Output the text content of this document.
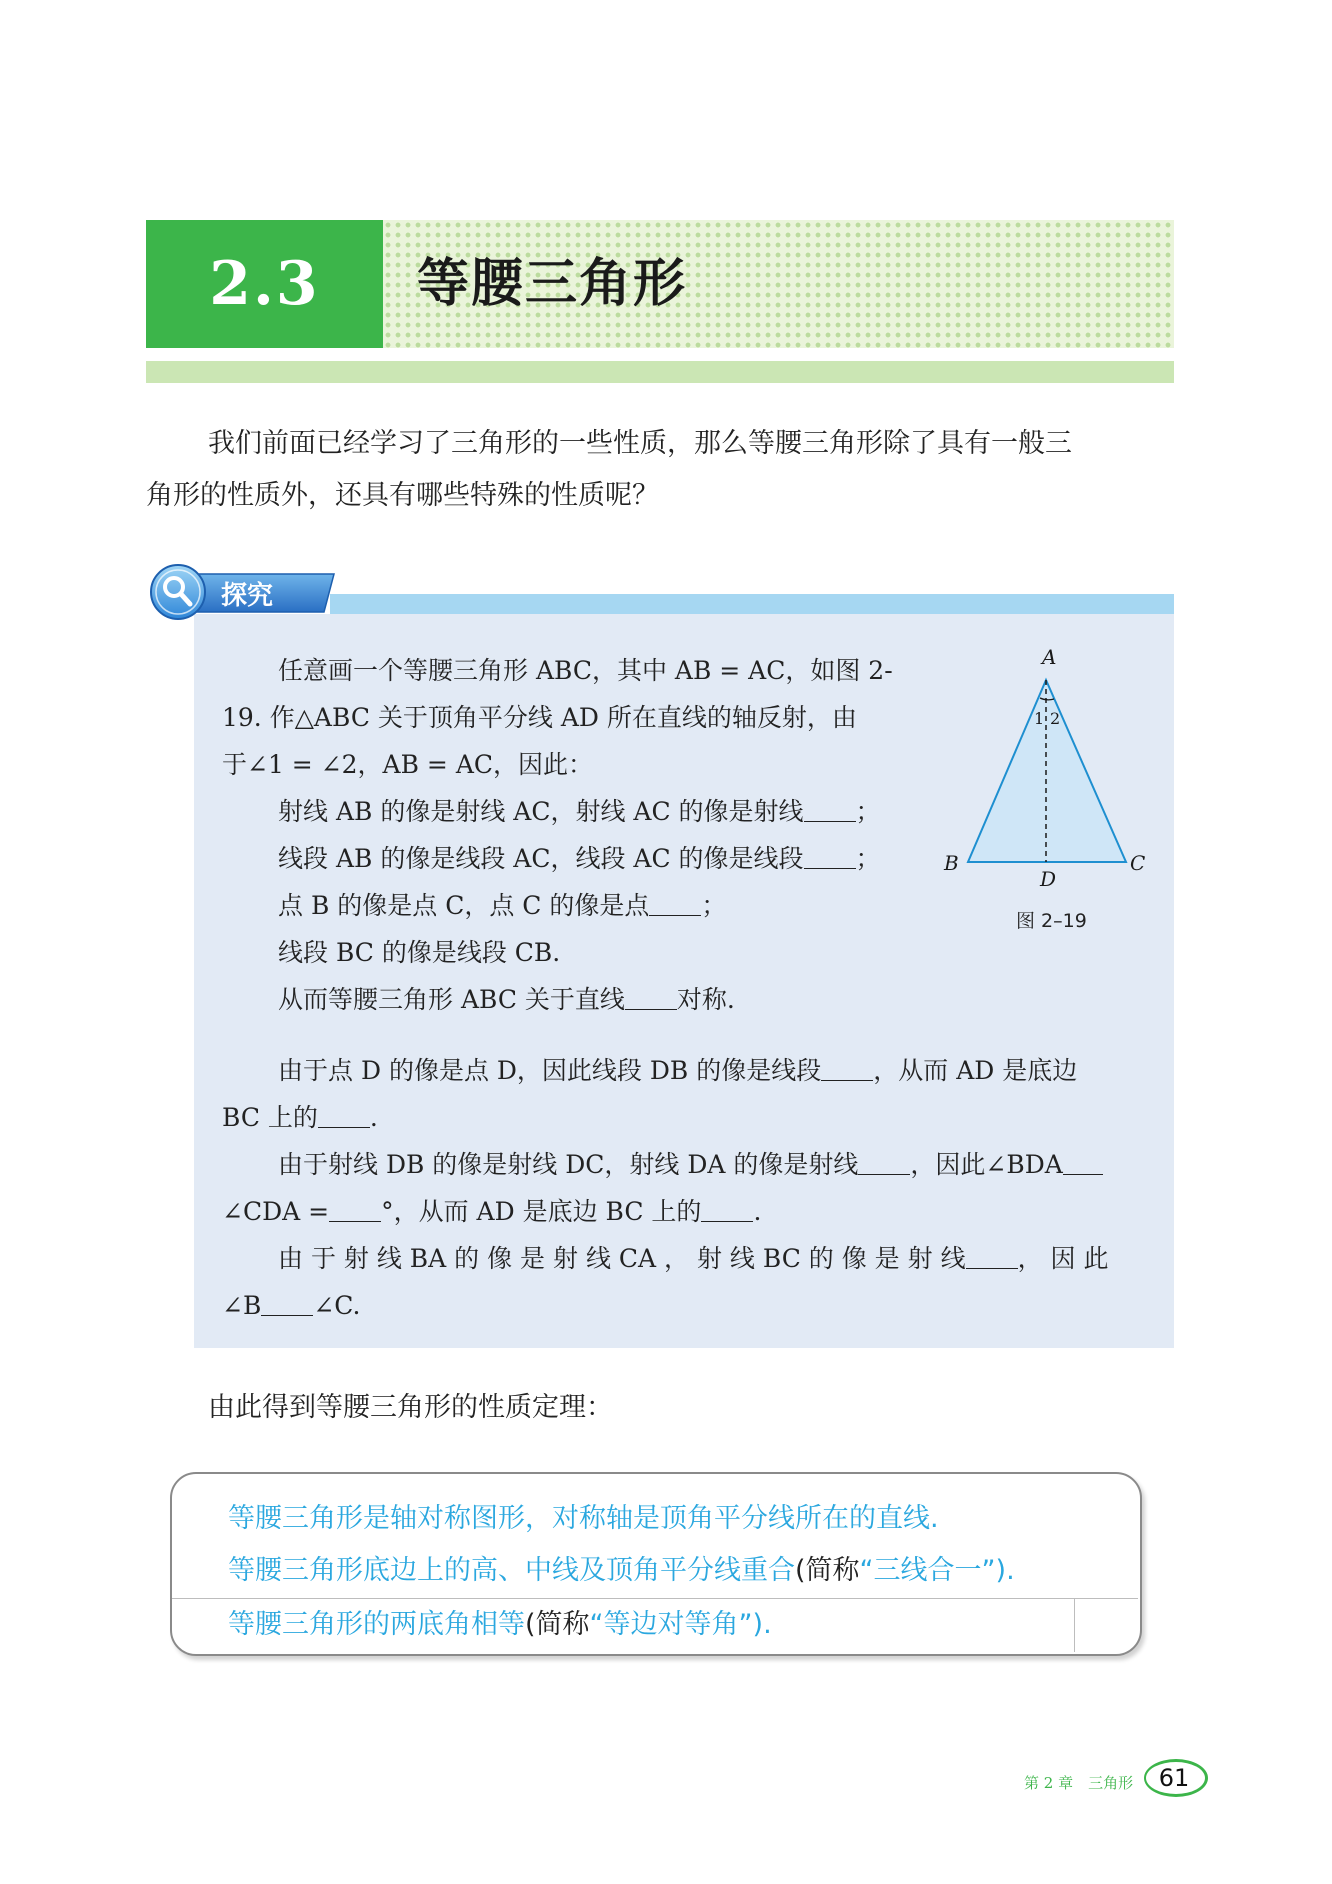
2.3	等腰三角形
我们前面已经学习了三角形的一些性质，那么等腰三角形除了具有一般三
角形的性质外，还具有哪些特殊的性质呢？
探究
任意画一个等腰三角形 ABC，其中 AB = AC，如图 2-
19. 作△ABC 关于顶角平分线 AD 所在直线的轴反射，由
于∠1 = ∠2，AB = AC，因此：
射线 AB 的像是射线 AC，射线 AC 的像是射线 ；
线段 AB 的像是线段 AC，线段 AC 的像是线段 ；
点 B 的像是点 C，点 C 的像是点 ；
线段 BC 的像是线段 CB.
从而等腰三角形 ABC 关于直线 对称.
由于点 D 的像是点 D，因此线段 DB 的像是线段 ，从而 AD 是底边
BC 上的 .
由于射线 DB 的像是射线 DC，射线 DA 的像是射线 ，因此∠BDA
∠CDA = °，从而 AD 是底边 BC 上的 .
由 于 射 线 BA 的 像 是 射 线 CA ， 射 线 BC 的 像 是 射 线 ， 因 此
∠B ∠C.
A
B	C
D
1 2
图 2–19
由此得到等腰三角形的性质定理：
等腰三角形是轴对称图形，对称轴是顶角平分线所在的直线.
等腰三角形底边上的高、中线及顶角平分线重合(简称“三线合一”).
等腰三角形的两底角相等(简称“等边对等角”).
第 2 章　三角形	61
